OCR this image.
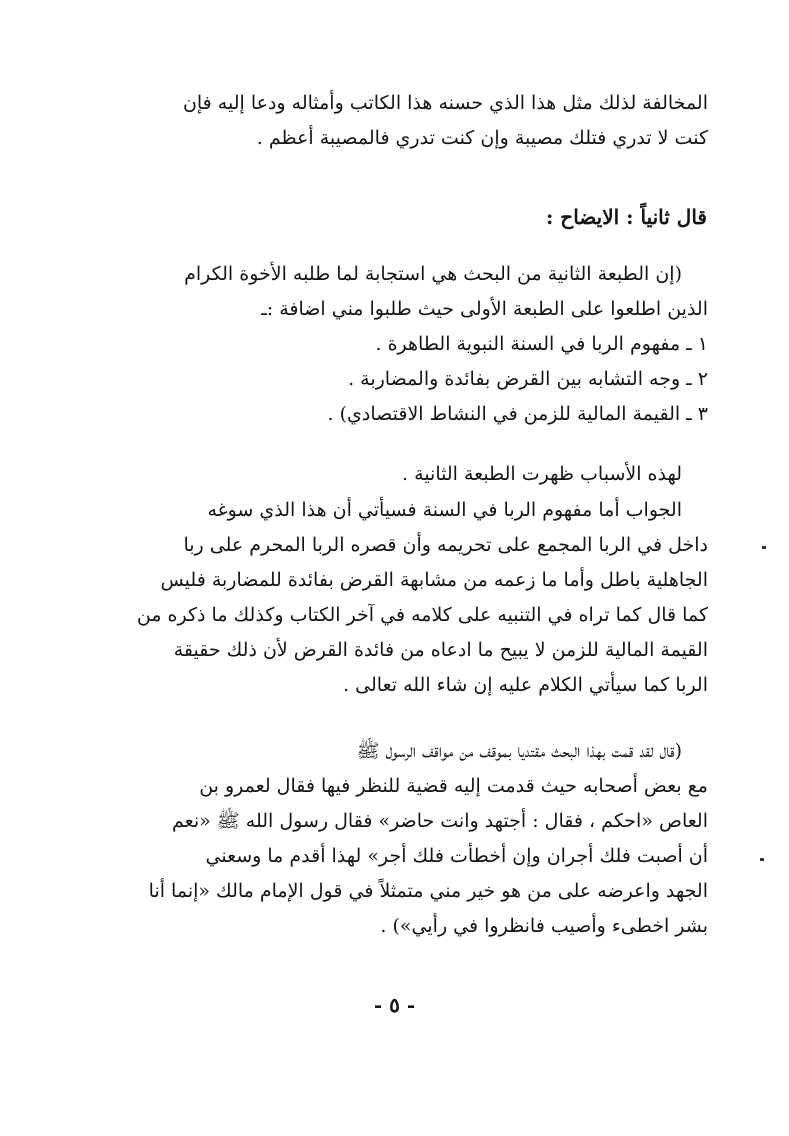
المخالفة لذلك مثل هذا الذي حسنه هذا الكاتب وأمثاله ودعا إليه فإن
كنت لا تدري فتلك مصيبة وإن كنت تدري فالمصيبة أعظم .
قال ثانياً : الايضاح :
(إن الطبعة الثانية من البحث هي استجابة لما طلبه الأخوة الكرام
الذين اطلعوا على الطبعة الأولى حيث طلبوا مني اضافة :ـ
١ ـ مفهوم الربا في السنة النبوية الطاهرة .
٢ ـ وجه التشابه بين القرض بفائدة والمضاربة .
٣ ـ القيمة المالية للزمن في النشاط الاقتصادي) .
لهذه الأسباب ظهرت الطبعة الثانية .
الجواب أما مفهوم الربا في السنة فسيأتي أن هذا الذي سوغه
داخل في الربا المجمع على تحريمه وأن قصره الربا المحرم على ربا
الجاهلية باطل وأما ما زعمه من مشابهة القرض بفائدة للمضاربة فليس
كما قال كما تراه في التنبيه على كلامه في آخر الكتاب وكذلك ما ذكره من
القيمة المالية للزمن لا يبيح ما ادعاه من فائدة القرض لأن ذلك حقيقة
الربا كما سيأتي الكلام عليه إن شاء الله تعالى .
(قال لقد قمت بهذا البحث مقتديا بموقف من مواقف الرسول ﷺ
مع بعض أصحابه حيث قدمت إليه قضية للنظر فيها فقال لعمرو بن
العاص «احكم ، فقال : أجتهد وانت حاضر» فقال رسول الله ﷺ «نعم
أن أصبت فلك أجران وإن أخطأت فلك أجر» لهذا أقدم ما وسعني
الجهد واعرضه على من هو خير مني متمثلاً في قول الإمام مالك «إنما أنا
بشر اخطىء وأصيب فانظروا في رأيي») .
- ٥ -
